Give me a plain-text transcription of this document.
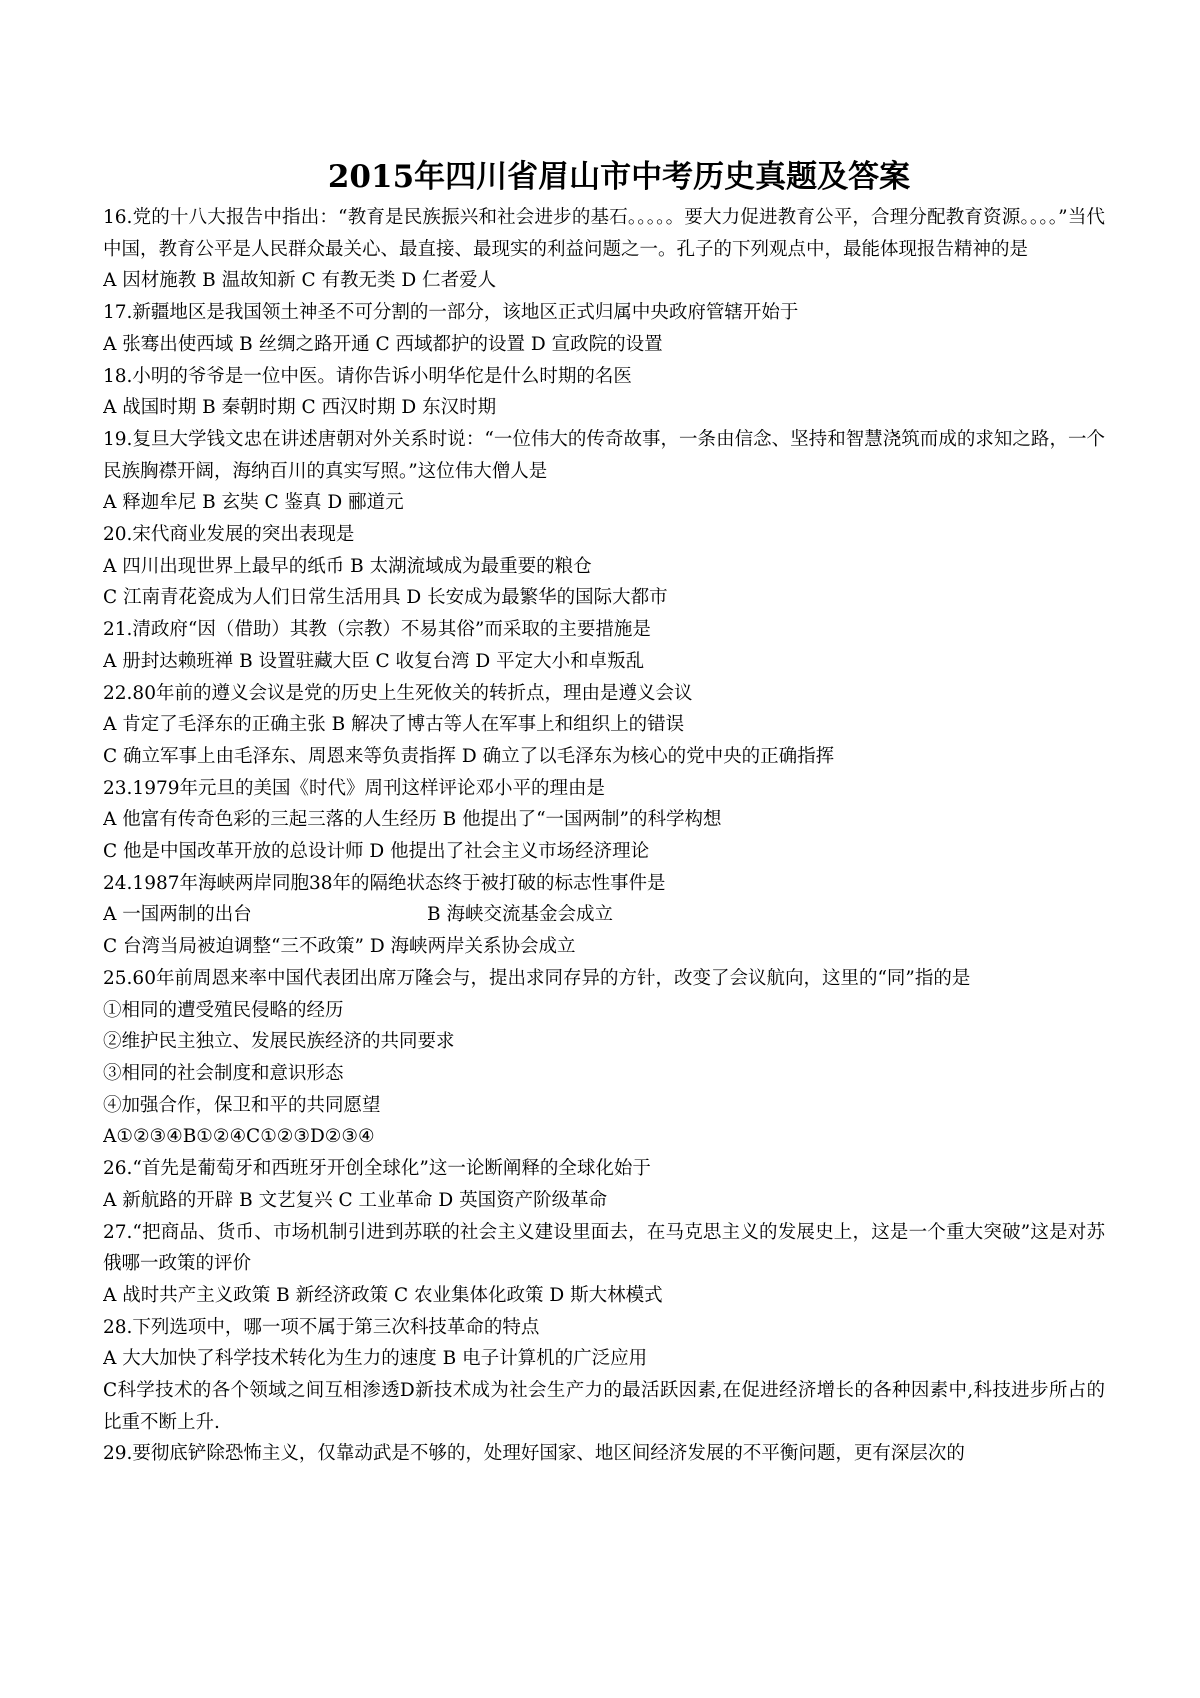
2015年四川省眉山市中考历史真题及答案
16.党的十八大报告中指出：“教育是民族振兴和社会进步的基石。。。。。要大力促进教育公平，合理分配教育资源。。。。”当代中国，教育公平是人民群众最关心、最直接、最现实的利益问题之一。孔子的下列观点中，最能体现报告精神的是
A 因材施教 B 温故知新 C 有教无类 D 仁者爱人
17.新疆地区是我国领土神圣不可分割的一部分，该地区正式归属中央政府管辖开始于
A 张骞出使西域 B 丝绸之路开通 C 西域都护的设置 D 宣政院的设置
18.小明的爷爷是一位中医。请你告诉小明华佗是什么时期的名医
A 战国时期 B 秦朝时期 C 西汉时期 D 东汉时期
19.复旦大学钱文忠在讲述唐朝对外关系时说：“一位伟大的传奇故事，一条由信念、坚持和智慧浇筑而成的求知之路，一个民族胸襟开阔，海纳百川的真实写照。”这位伟大僧人是
A 释迦牟尼 B 玄奘 C 鉴真 D 郦道元
20.宋代商业发展的突出表现是
A 四川出现世界上最早的纸币 B 太湖流域成为最重要的粮仓
C 江南青花瓷成为人们日常生活用具 D 长安成为最繁华的国际大都市
21.清政府“因（借助）其教（宗教）不易其俗”而采取的主要措施是
A 册封达赖班禅 B 设置驻藏大臣 C 收复台湾 D 平定大小和卓叛乱
22.80年前的遵义会议是党的历史上生死攸关的转折点，理由是遵义会议
A 肯定了毛泽东的正确主张 B 解决了博古等人在军事上和组织上的错误
C 确立军事上由毛泽东、周恩来等负责指挥 D 确立了以毛泽东为核心的党中央的正确指挥
23.1979年元旦的美国《时代》周刊这样评论邓小平的理由是
A 他富有传奇色彩的三起三落的人生经历 B 他提出了“一国两制”的科学构想
C 他是中国改革开放的总设计师 D 他提出了社会主义市场经济理论
24.1987年海峡两岸同胞38年的隔绝状态终于被打破的标志性事件是
A 一国两制的出台	B 海峡交流基金会成立
C 台湾当局被迫调整“三不政策” D 海峡两岸关系协会成立
25.60年前周恩来率中国代表团出席万隆会与，提出求同存异的方针，改变了会议航向，这里的“同”指的是
①相同的遭受殖民侵略的经历
②维护民主独立、发展民族经济的共同要求
③相同的社会制度和意识形态
④加强合作，保卫和平的共同愿望
A①②③④B①②④C①②③D②③④
26.“首先是葡萄牙和西班牙开创全球化”这一论断阐释的全球化始于
A 新航路的开辟 B 文艺复兴 C 工业革命 D 英国资产阶级革命
27.“把商品、货币、市场机制引进到苏联的社会主义建设里面去，在马克思主义的发展史上，这是一个重大突破”这是对苏俄哪一政策的评价
A 战时共产主义政策 B 新经济政策 C 农业集体化政策 D 斯大林模式
28.下列选项中，哪一项不属于第三次科技革命的特点
A 大大加快了科学技术转化为生力的速度 B 电子计算机的广泛应用
C科学技术的各个领域之间互相渗透D新技术成为社会生产力的最活跃因素,在促进经济增长的各种因素中,科技进步所占的比重不断上升.
29.要彻底铲除恐怖主义，仅靠动武是不够的，处理好国家、地区间经济发展的不平衡问题，更有深层次的
